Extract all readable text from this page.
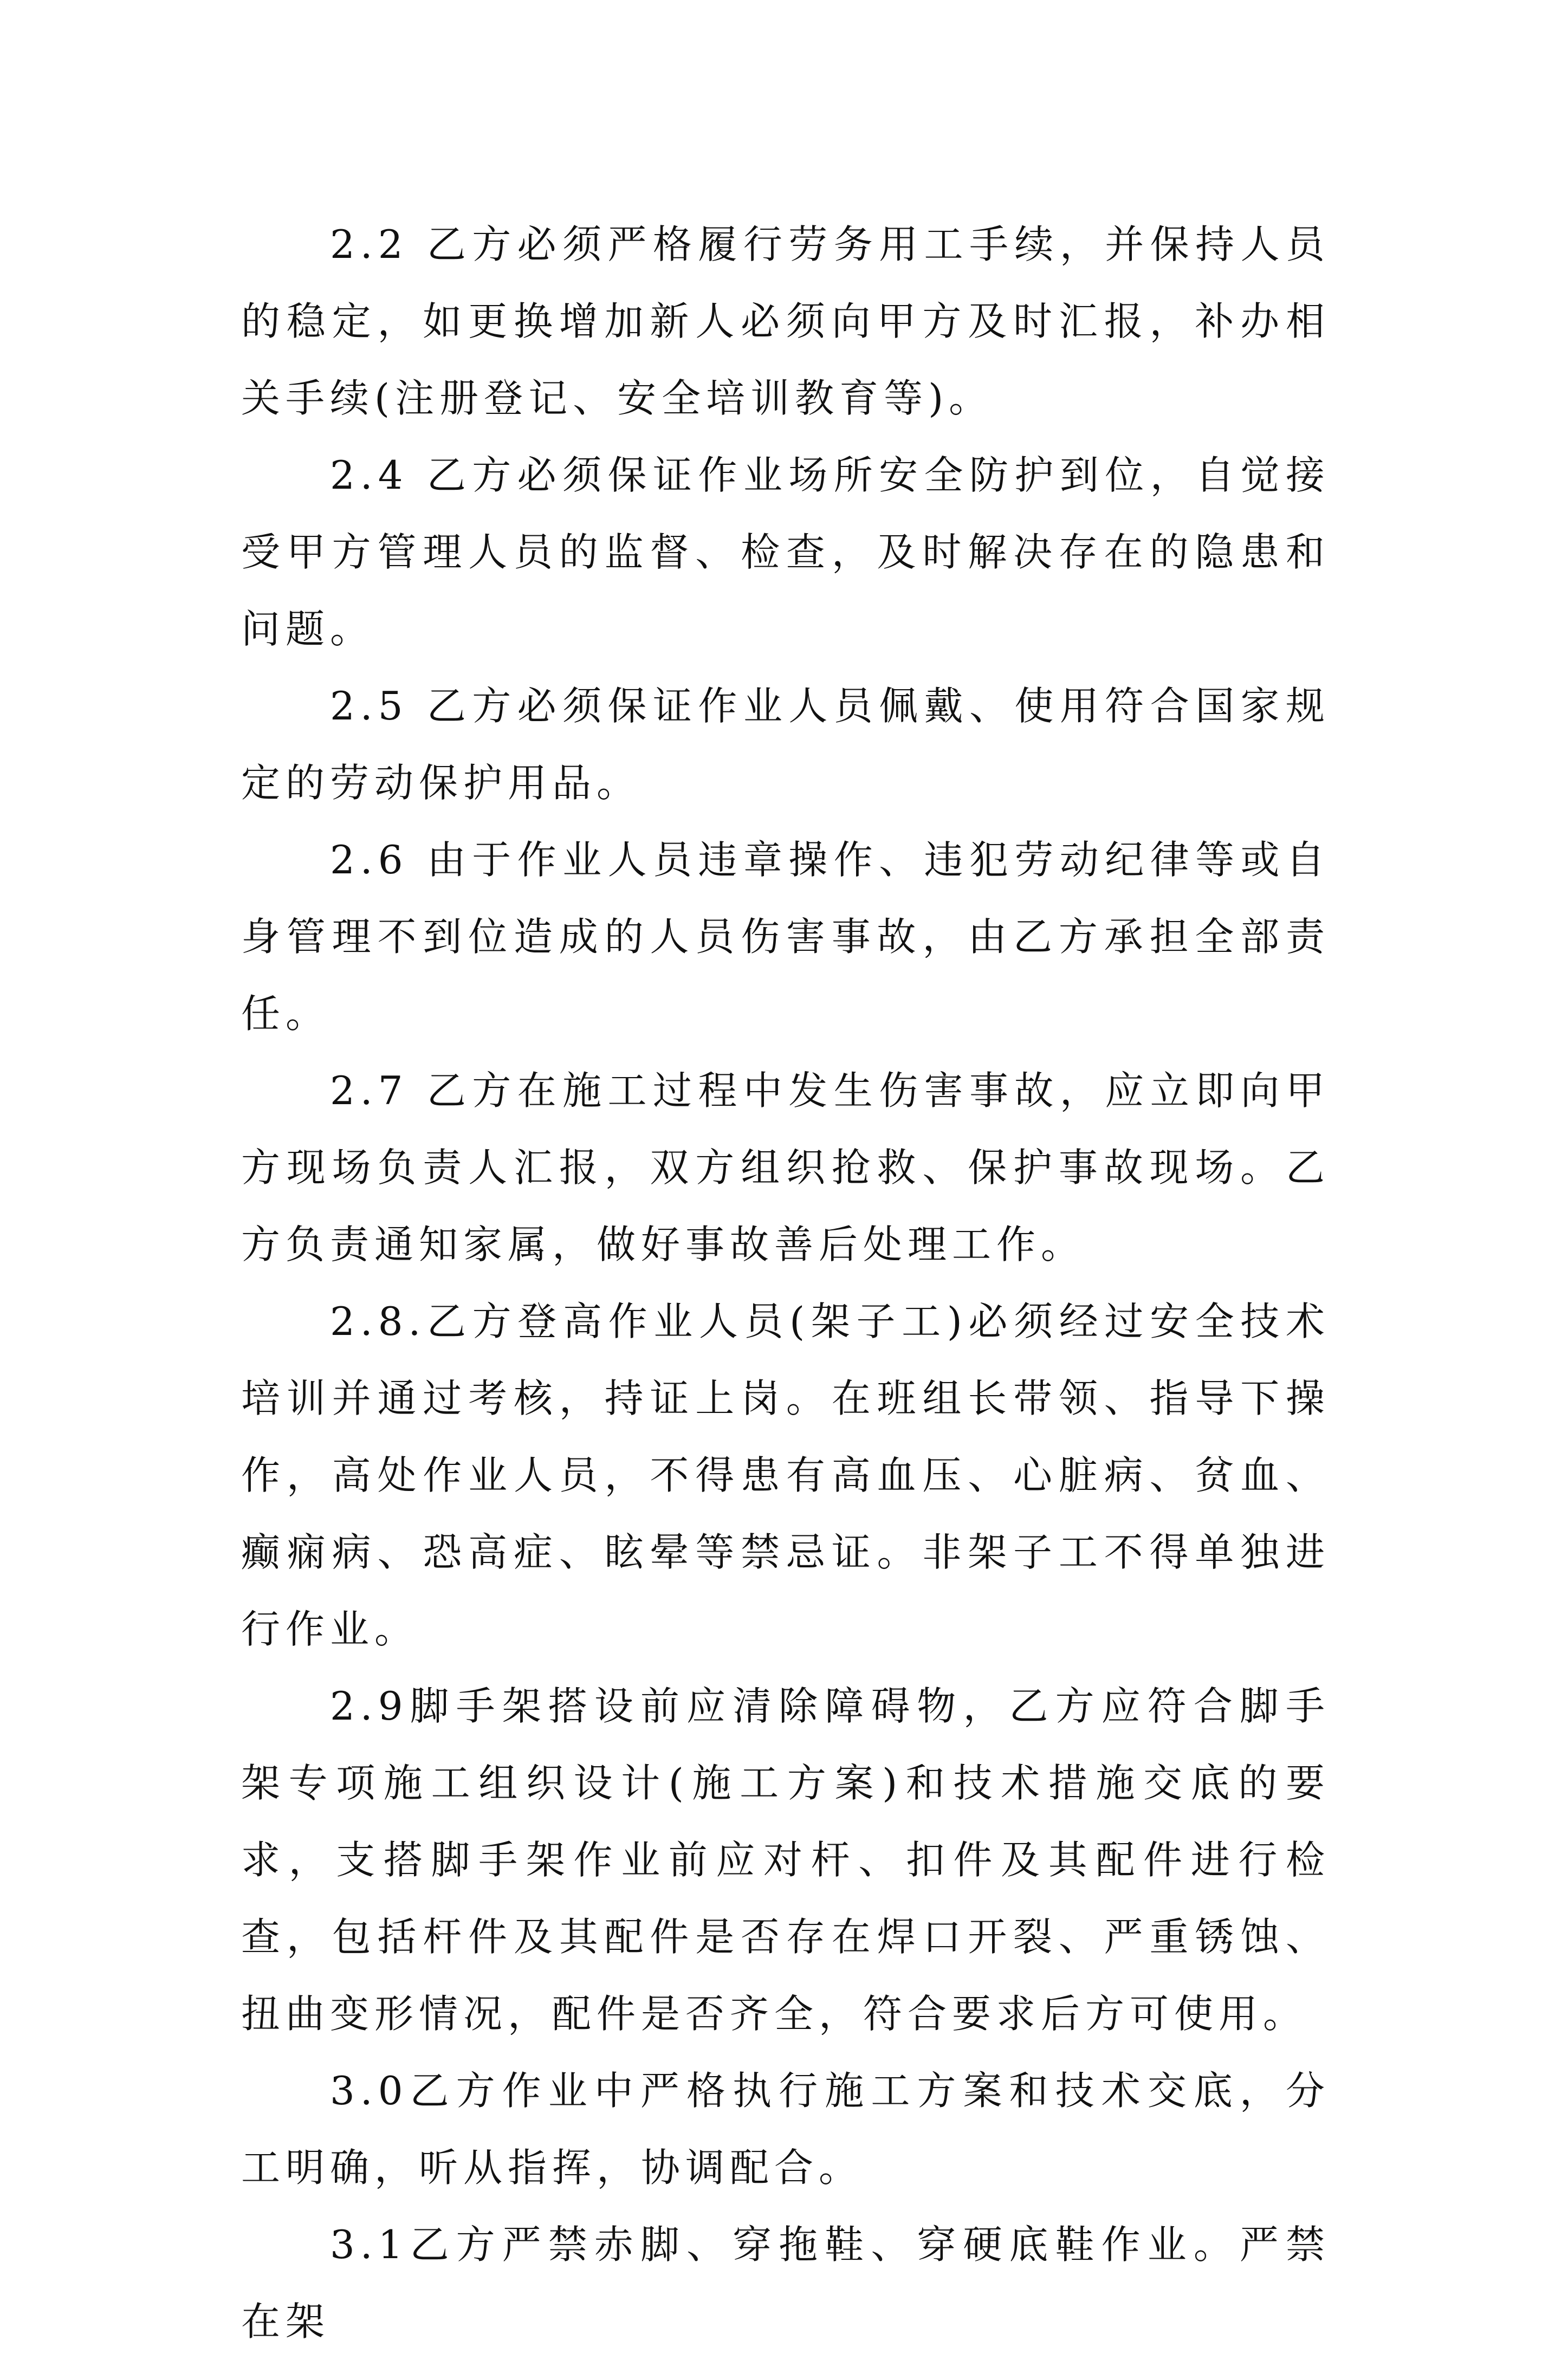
2.2 乙方必须严格履行劳务用工手续，并保持人员的稳定，如更换增加新人必须向甲方及时汇报，补办相关手续(注册登记、安全培训教育等)。

2.4 乙方必须保证作业场所安全防护到位，自觉接受甲方管理人员的监督、检查，及时解决存在的隐患和问题。

2.5 乙方必须保证作业人员佩戴、使用符合国家规定的劳动保护用品。

2.6 由于作业人员违章操作、违犯劳动纪律等或自身管理不到位造成的人员伤害事故，由乙方承担全部责任。

2.7 乙方在施工过程中发生伤害事故，应立即向甲方现场负责人汇报，双方组织抢救、保护事故现场。乙方负责通知家属，做好事故善后处理工作。

2.8.乙方登高作业人员(架子工)必须经过安全技术培训并通过考核，持证上岗。在班组长带领、指导下操作，高处作业人员，不得患有高血压、心脏病、贫血、癫痫病、恐高症、眩晕等禁忌证。非架子工不得单独进行作业。

2.9脚手架搭设前应清除障碍物，乙方应符合脚手架专项施工组织设计(施工方案)和技术措施交底的要求，支搭脚手架作业前应对杆、扣件及其配件进行检查，包括杆件及其配件是否存在焊口开裂、严重锈蚀、扭曲变形情况，配件是否齐全，符合要求后方可使用。

3.0乙方作业中严格执行施工方案和技术交底，分工明确，听从指挥，协调配合。

3.1乙方严禁赤脚、穿拖鞋、穿硬底鞋作业。严禁在架
